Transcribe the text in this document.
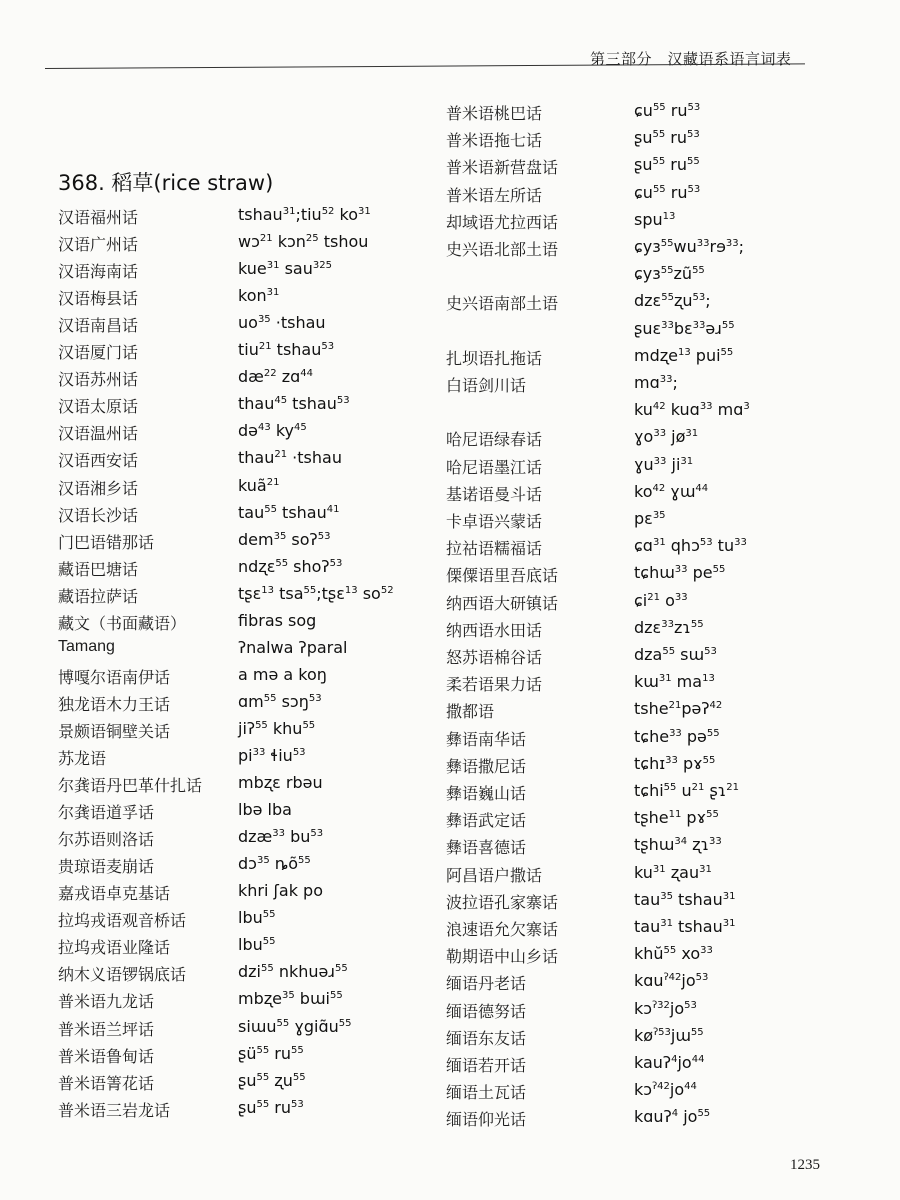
第三部分　汉藏语系语言词表
368. 稻草(rice straw)
汉语福州话	tshau$^{31}$;tiu$^{52}$ $ko^{31}$
汉语广州话	wɔ$^{21}$ kɔn$^{25}$ tshou
汉语海南话	kue$^{31}$ sau$^{325}$
汉语梅县话	kon$^{31}$
汉语南昌话	$uo^{35}$ ·tshau
汉语厦门话	tiu$^{21}$ tshau$^{53}$
汉语苏州话	$dæ^{22}$ zɑ$^{44}$
汉语太原话	thau$^{45}$ tshau$^{53}$
汉语温州话	də$^{43}$ $ky^{45}$
汉语西安话	thau$^{21}$ ·tshau
汉语湘乡话	kuã$^{21}$
汉语长沙话	tau$^{55}$ tshau$^{41}$
门巴语错那话	dem$^{35}$ soʔ$^{53}$
藏语巴塘话	ndʐɛ$^{55}$ shoʔ$^{53}$
藏语拉萨话	tʂɛ$^{13}$ tsa$^{55}$;tʂɛ$^{13}$ $so^{52}$
藏文（书面藏语）	fibras sog
Tamang	ʔnalwa ʔparal
博嘎尔语南伊话	a mə a koŋ
独龙语木力王话	ɑm$^{55}$ sɔŋ$^{53}$
景颇语铜壁关话	jiʔ$^{55}$ khu$^{55}$
苏龙语	$pi^{33}$ ɬiu$^{53}$
尔龚语丹巴革什扎话 mbʐɛ rbəu
尔龚语道孚话	lbə lba
尔苏语则洛话	dzæ$^{33}$ $bu^{53}$
贵琼语麦崩话	dɔ$^{35}$ $ȵõ^{55}$
嘉戎语卓克基话	khri ʃak po
拉坞戎语观音桥话	lbu$^{55}$
拉坞戎语业隆话	lbu$^{55}$
纳木义语锣锅底话	dzi$^{55}$ nkhuəɹ$^{55}$
普米语九龙话	mbʐe$^{35}$ bɯi$^{55}$
普米语兰坪话	siɯu$^{55}$ $ɣgiɑ̃u^{55}$
普米语鲁甸话	ʂü$^{55}$ $ru^{55}$
普米语箐花话	ʂu$^{55}$ ʐu$^{55}$
普米语三岩龙话	ʂu$^{55}$ $ru^{53}$
普米语桃巴话	ɕu$^{55}$ $ru^{53}$
普米语拖七话	ʂu$^{55}$ $ru^{53}$
普米语新营盘话	ʂu$^{55}$ $ru^{55}$
普米语左所话	ɕu$^{55}$ $ru^{53}$
却域语尤拉西话	spu$^{13}$
史兴语北部土语	$ɕyɜ^{55}wu^{33}rɘ^{33}$;
$ɕyɜ^{55}zũ^{55}$
史兴语南部土语	dzɛ$^{55}$ʐu$^{53}$;
ʂuɛ$^{33}$bɛ$^{33}$əɹ$^{55}$
扎坝语扎拖话	mdʐe$^{13}$ pui$^{55}$
白语剑川话	mɑ$^{33}$;
$ku^{42}$ kuɑ$^{33}$ mɑ$^3$
哈尼语绿春话	ɣo$^{33}$ $jø^{31}$
哈尼语墨江话	ɣu$^{33}$ $ji^{31}$
基诺语曼斗话	$ko^{42}$ ɣɯ$^{44}$
卡卓语兴蒙话	pɛ$^{35}$
拉祜语糯福话	ɕɑ$^{31}$ qhɔ$^{53}$ $tu^{33}$
傈僳语里吾底话	tɕhɯ$^{33}$ $pe^{55}$
纳西语大研镇话	ɕi$^{21}$ $o^{33}$
纳西语水田话	dzɛ$^{33}$zɿ$^{55}$
怒苏语棉谷话	dza$^{55}$ sɯ$^{53}$
柔若语果力话	kɯ$^{31}$ $ma^{13}$
撒都语	tshe$^{21}$pəʔ$^{42}$
彝语南华话	tɕhe$^{33}$ pə$^{55}$
彝语撒尼话	tɕhɪ$^{33}$ pɤ$^{55}$
彝语巍山话	tɕhi$^{55}$ $u^{21}$ ʂɿ$^{21}$
彝语武定话	tʂhe$^{11}$ pɤ$^{55}$
彝语喜德话	tʂhɯ$^{34}$ ʐɿ$^{33}$
阿昌语户撒话	$ku^{31}$ ʐau$^{31}$
波拉语孔家寨话	tau$^{35}$ tshau$^{31}$
浪速语允欠寨话	tau$^{31}$ tshau$^{31}$
勒期语中山乡话	khŭ$^{55}$ $xo^{33}$
缅语丹老话	$kɑu^{ʔ42}jo^{53}$
缅语德努话	$kɔ^{ʔ32}jo^{53}$
缅语东友话	$kø^{ʔ53}jɯ^{55}$
缅语若开话	$kauʔ^4jo^{44}$
缅语土瓦话	$kɔ^{ʔ42}jo^{44}$
缅语仰光话	kɑuʔ$^4$ $jo^{55}$
1235
